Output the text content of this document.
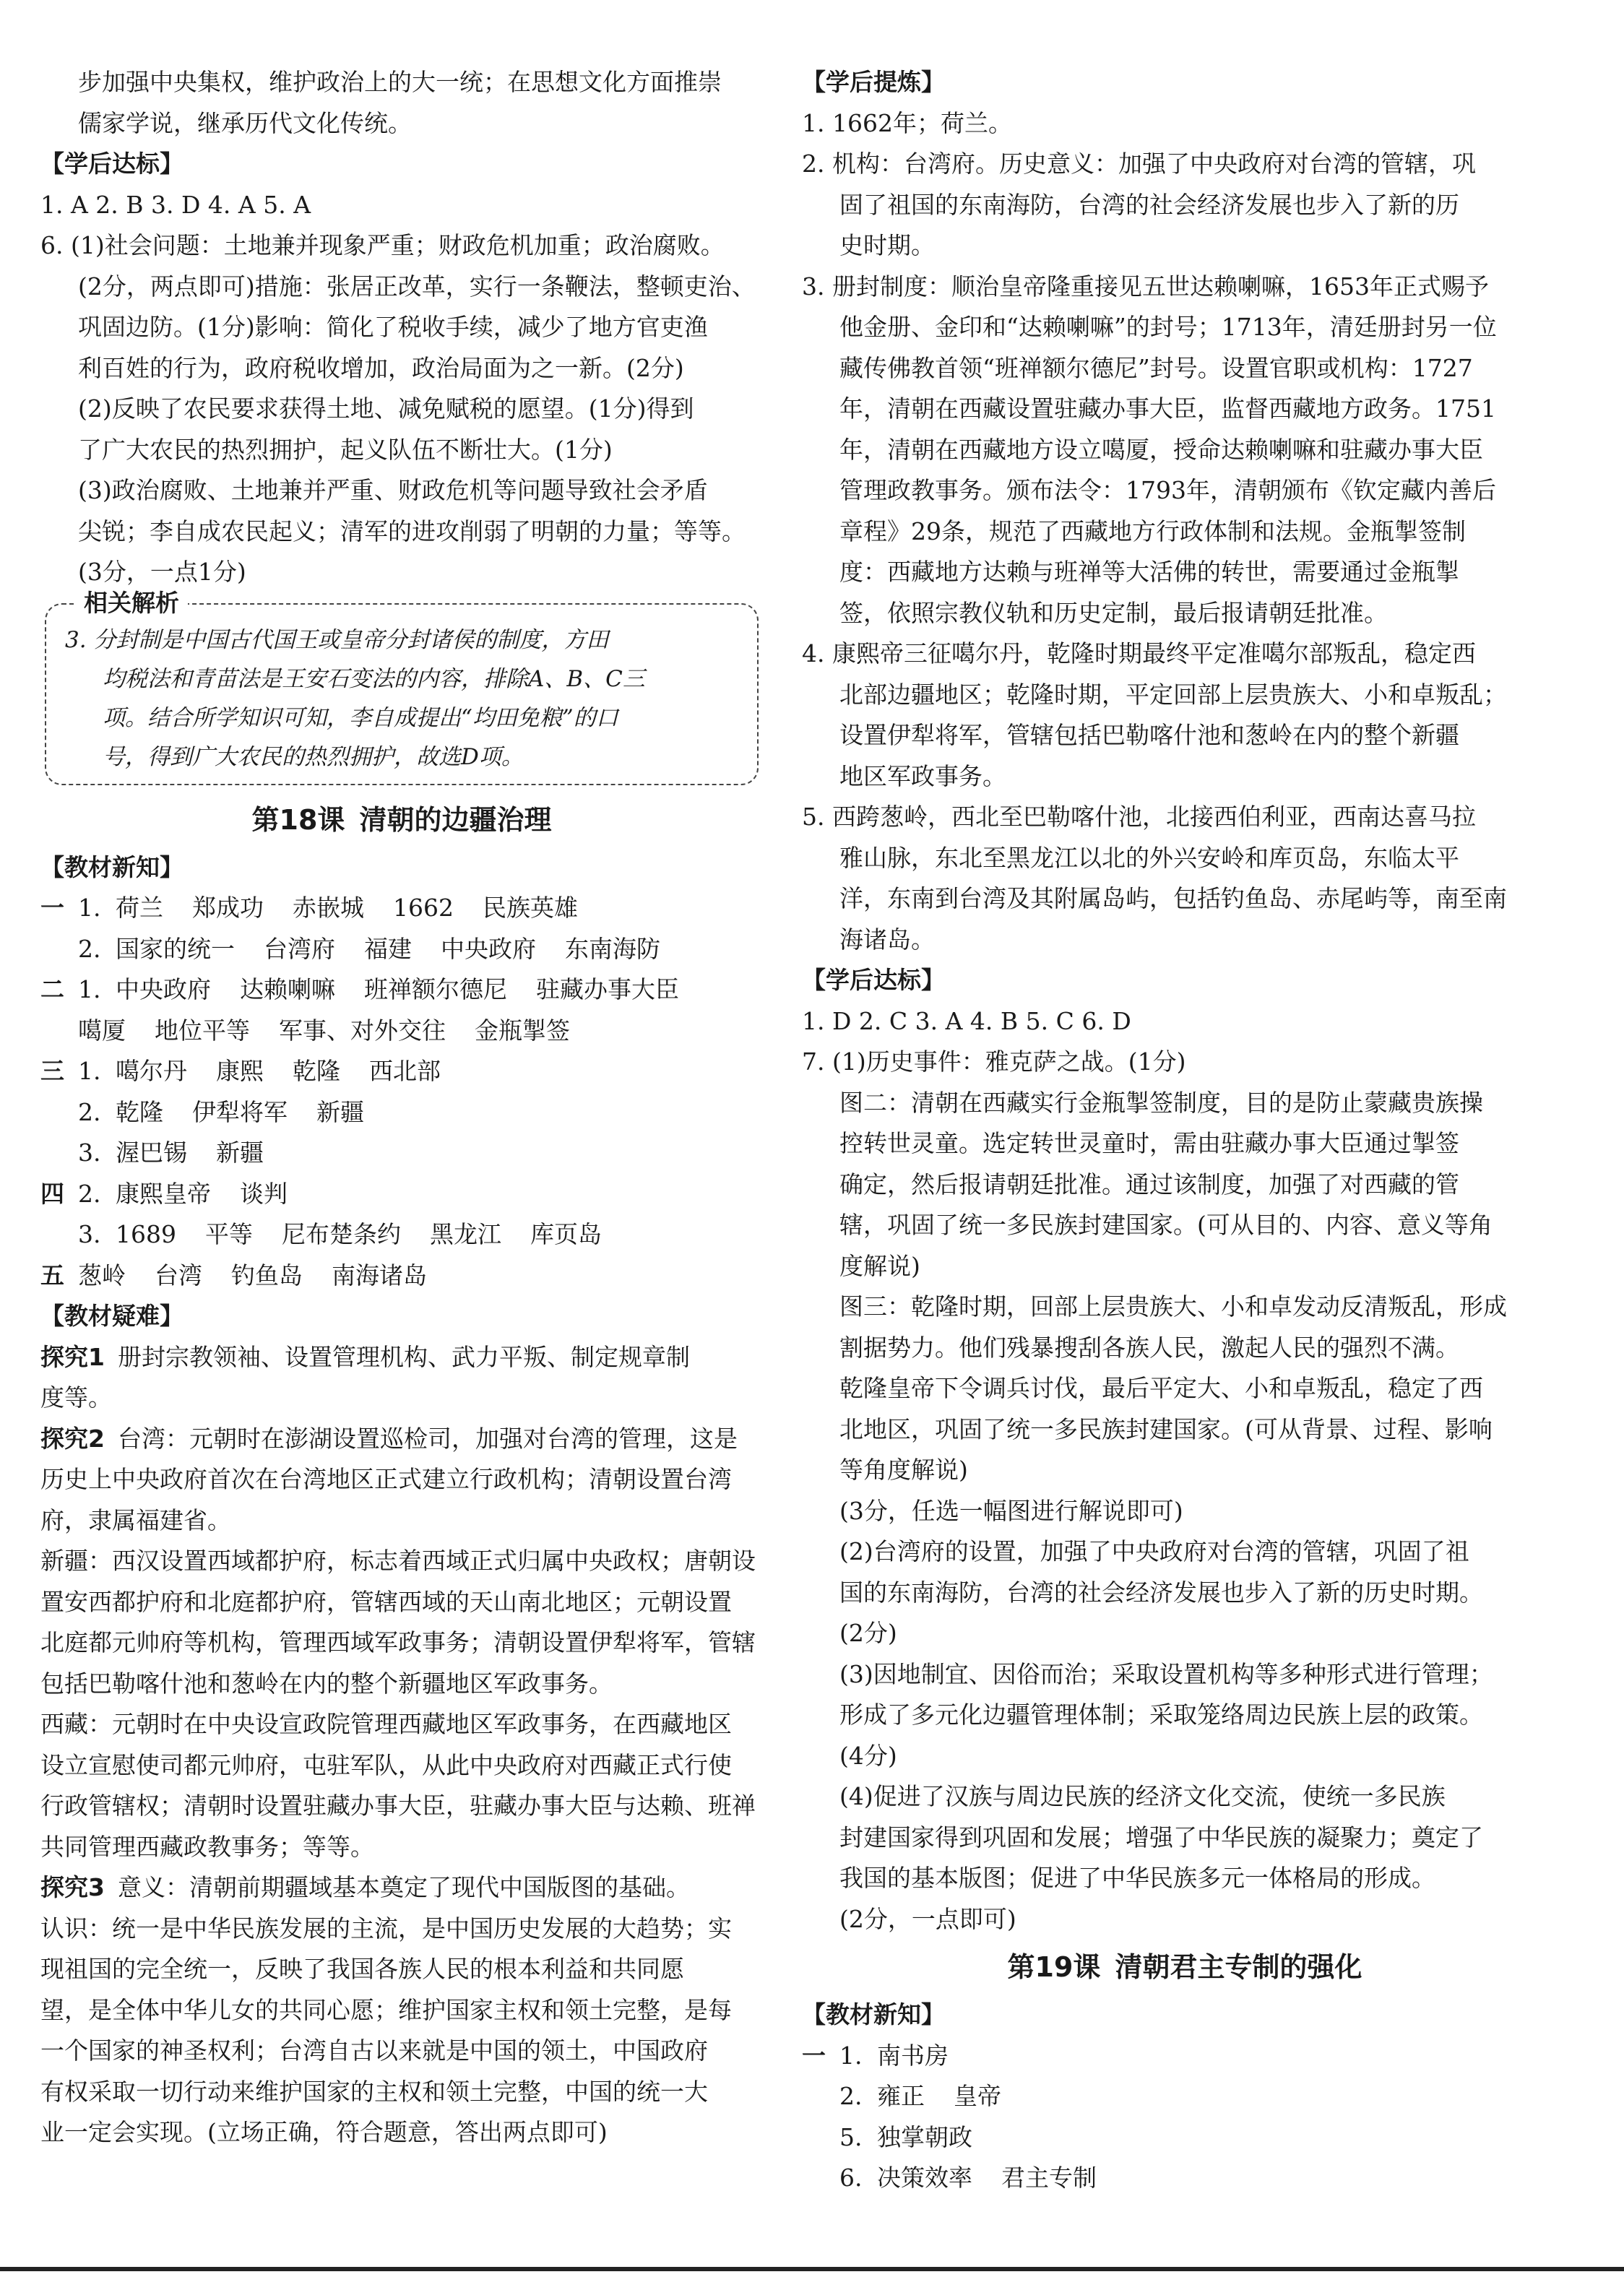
步加强中央集权，维护政治上的大一统；在思想文化方面推崇
儒家学说，继承历代文化传统。
【学后达标】
1. A 2. B 3. D 4. A 5. A
6. (1)社会问题：土地兼并现象严重；财政危机加重；政治腐败。
(2分，两点即可)措施：张居正改革，实行一条鞭法，整顿吏治、
巩固边防。(1分)影响：简化了税收手续，减少了地方官吏渔
利百姓的行为，政府税收增加，政治局面为之一新。(2分)
(2)反映了农民要求获得土地、减免赋税的愿望。(1分)得到
了广大农民的热烈拥护，起义队伍不断壮大。(1分)
(3)政治腐败、土地兼并严重、财政危机等问题导致社会矛盾
尖锐；李自成农民起义；清军的进攻削弱了明朝的力量；等等。
(3分，一点1分)
相关解析
3. 分封制是中国古代国王或皇帝分封诸侯的制度，方田
均税法和青苗法是王安石变法的内容，排除A、B、C三
项。结合所学知识可知，李自成提出“均田免粮”的口
号，得到广大农民的热烈拥护，故选D项。
第18课 清朝的边疆治理
【教材新知】
一 1. 荷兰 郑成功 赤嵌城 1662 民族英雄
2. 国家的统一 台湾府 福建 中央政府 东南海防
二 1. 中央政府 达赖喇嘛 班禅额尔德尼 驻藏办事大臣
噶厦 地位平等 军事、对外交往 金瓶掣签
三 1. 噶尔丹 康熙 乾隆 西北部
2. 乾隆 伊犁将军 新疆
3. 渥巴锡 新疆
四 2. 康熙皇帝 谈判
3. 1689 平等 尼布楚条约 黑龙江 库页岛
五 葱岭 台湾 钓鱼岛 南海诸岛
【教材疑难】
探究1 册封宗教领袖、设置管理机构、武力平叛、制定规章制
度等。
探究2 台湾：元朝时在澎湖设置巡检司，加强对台湾的管理，这是
历史上中央政府首次在台湾地区正式建立行政机构；清朝设置台湾
府，隶属福建省。
新疆：西汉设置西域都护府，标志着西域正式归属中央政权；唐朝设
置安西都护府和北庭都护府，管辖西域的天山南北地区；元朝设置
北庭都元帅府等机构，管理西域军政事务；清朝设置伊犁将军，管辖
包括巴勒喀什池和葱岭在内的整个新疆地区军政事务。
西藏：元朝时在中央设宣政院管理西藏地区军政事务，在西藏地区
设立宣慰使司都元帅府，屯驻军队，从此中央政府对西藏正式行使
行政管辖权；清朝时设置驻藏办事大臣，驻藏办事大臣与达赖、班禅
共同管理西藏政教事务；等等。
探究3 意义：清朝前期疆域基本奠定了现代中国版图的基础。
认识：统一是中华民族发展的主流，是中国历史发展的大趋势；实
现祖国的完全统一，反映了我国各族人民的根本利益和共同愿
望，是全体中华儿女的共同心愿；维护国家主权和领土完整，是每
一个国家的神圣权利；台湾自古以来就是中国的领土，中国政府
有权采取一切行动来维护国家的主权和领土完整，中国的统一大
业一定会实现。(立场正确，符合题意，答出两点即可)
【学后提炼】
1. 1662年；荷兰。
2. 机构：台湾府。历史意义：加强了中央政府对台湾的管辖，巩
固了祖国的东南海防，台湾的社会经济发展也步入了新的历
史时期。
3. 册封制度：顺治皇帝隆重接见五世达赖喇嘛，1653年正式赐予
他金册、金印和“达赖喇嘛”的封号；1713年，清廷册封另一位
藏传佛教首领“班禅额尔德尼”封号。设置官职或机构：1727
年，清朝在西藏设置驻藏办事大臣，监督西藏地方政务。1751
年，清朝在西藏地方设立噶厦，授命达赖喇嘛和驻藏办事大臣
管理政教事务。颁布法令：1793年，清朝颁布《钦定藏内善后
章程》29条，规范了西藏地方行政体制和法规。金瓶掣签制
度：西藏地方达赖与班禅等大活佛的转世，需要通过金瓶掣
签，依照宗教仪轨和历史定制，最后报请朝廷批准。
4. 康熙帝三征噶尔丹，乾隆时期最终平定准噶尔部叛乱，稳定西
北部边疆地区；乾隆时期，平定回部上层贵族大、小和卓叛乱；
设置伊犁将军，管辖包括巴勒喀什池和葱岭在内的整个新疆
地区军政事务。
5. 西跨葱岭，西北至巴勒喀什池，北接西伯利亚，西南达喜马拉
雅山脉，东北至黑龙江以北的外兴安岭和库页岛，东临太平
洋，东南到台湾及其附属岛屿，包括钓鱼岛、赤尾屿等，南至南
海诸岛。
【学后达标】
1. D 2. C 3. A 4. B 5. C 6. D
7. (1)历史事件：雅克萨之战。(1分)
图二：清朝在西藏实行金瓶掣签制度，目的是防止蒙藏贵族操
控转世灵童。选定转世灵童时，需由驻藏办事大臣通过掣签
确定，然后报请朝廷批准。通过该制度，加强了对西藏的管
辖，巩固了统一多民族封建国家。(可从目的、内容、意义等角
度解说)
图三：乾隆时期，回部上层贵族大、小和卓发动反清叛乱，形成
割据势力。他们残暴搜刮各族人民，激起人民的强烈不满。
乾隆皇帝下令调兵讨伐，最后平定大、小和卓叛乱，稳定了西
北地区，巩固了统一多民族封建国家。(可从背景、过程、影响
等角度解说)
(3分，任选一幅图进行解说即可)
(2)台湾府的设置，加强了中央政府对台湾的管辖，巩固了祖
国的东南海防，台湾的社会经济发展也步入了新的历史时期。
(2分)
(3)因地制宜、因俗而治；采取设置机构等多种形式进行管理；
形成了多元化边疆管理体制；采取笼络周边民族上层的政策。
(4分)
(4)促进了汉族与周边民族的经济文化交流，使统一多民族
封建国家得到巩固和发展；增强了中华民族的凝聚力；奠定了
我国的基本版图；促进了中华民族多元一体格局的形成。
(2分，一点即可)
第19课 清朝君主专制的强化
【教材新知】
一 1. 南书房
2. 雍正 皇帝
5. 独掌朝政
6. 决策效率 君主专制
